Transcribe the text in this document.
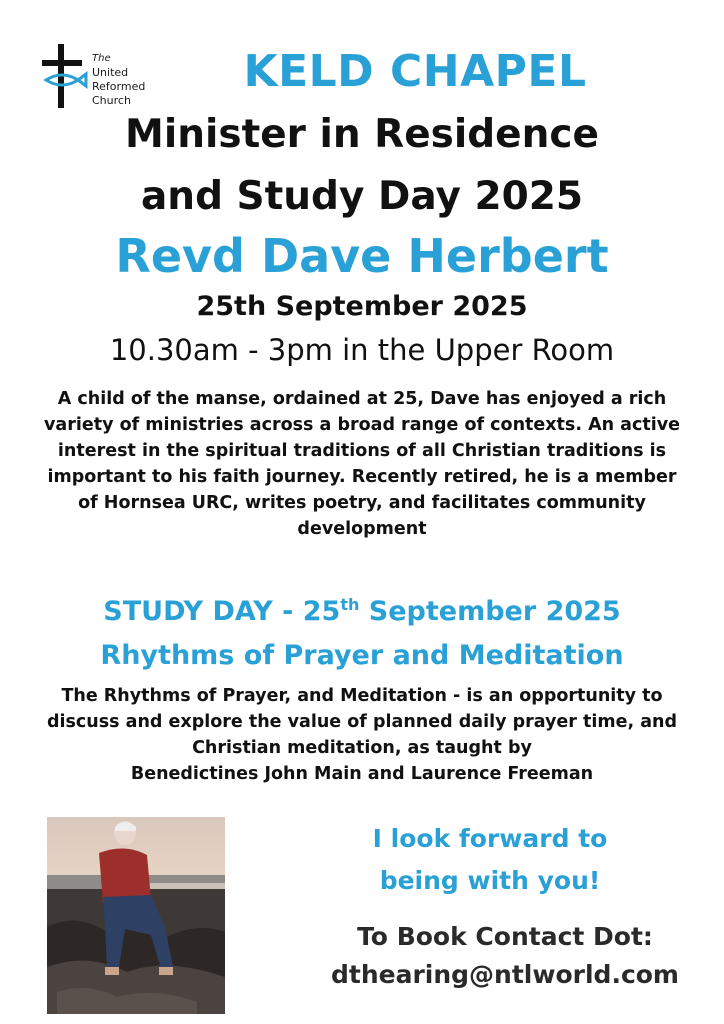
The
United
Reformed
Church
KELD CHAPEL
Minister in Residence
and Study Day 2025
Revd Dave Herbert
25th September 2025
10.30am - 3pm in the Upper Room
A child of the manse, ordained at 25, Dave has enjoyed a rich
variety of ministries across a broad range of contexts. An active
interest in the spiritual traditions of all Christian traditions is
important to his faith journey. Recently retired, he is a member
of Hornsea URC, writes poetry, and facilitates community
development
STUDY DAY - 25th September 2025
Rhythms of Prayer and Meditation
The Rhythms of Prayer, and Meditation - is an opportunity to
discuss and explore the value of planned daily prayer time, and
Christian meditation, as taught by
Benedictines John Main and Laurence Freeman
I look forward to
being with you!
To Book Contact Dot:
dthearing@ntlworld.com
